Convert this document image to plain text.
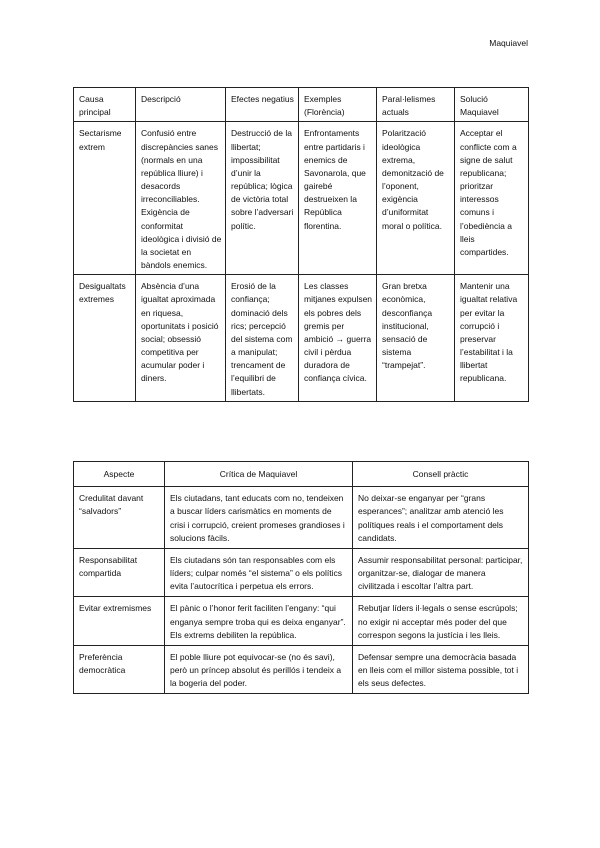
Maquiavel
Causa principal	Descripció	Efectes negatius	Exemples (Florència)	Paral·lelismes actuals	Solució Maquiavel
Sectarisme extrem	Confusió entre discrepàncies sanes (normals en una república lliure) i desacords irreconciliables. Exigència de conformitat ideològica i divisió de la societat en bàndols enemics.	Destrucció de la llibertat; impossibilitat d’unir la república; lògica de victòria total sobre l’adversari polític.	Enfrontaments entre partidaris i enemics de Savonarola, que gairebé destrueixen la República florentina.	Polarització ideològica extrema, demonització de l’oponent, exigència d’uniformitat moral o política.	Acceptar el conflicte com a signe de salut republicana; prioritzar interessos comuns i l’obediència a lleis compartides.
Desigualtats extremes	Absència d’una igualtat aproximada en riquesa, oportunitats i posició social; obsessió competitiva per acumular poder i diners.	Erosió de la confiança; dominació dels rics; percepció del sistema com a manipulat; trencament de l’equilibri de llibertats.	Les classes mitjanes expulsen els pobres dels gremis per ambició → guerra civil i pèrdua duradora de confiança cívica.	Gran bretxa econòmica, desconfiança institucional, sensació de sistema “trampejat”.	Mantenir una igualtat relativa per evitar la corrupció i preservar l’estabilitat i la llibertat republicana.
Aspecte	Crítica de Maquiavel	Consell pràctic
Credulitat davant “salvadors”	Els ciutadans, tant educats com no, tendeixen a buscar líders carismàtics en moments de crisi i corrupció, creient promeses grandioses i solucions fàcils.	No deixar-se enganyar per “grans esperances”; analitzar amb atenció les polítiques reals i el comportament dels candidats.
Responsabilitat compartida	Els ciutadans són tan responsables com els líders; culpar només “el sistema” o els polítics evita l’autocrítica i perpetua els errors.	Assumir responsabilitat personal: participar, organitzar-se, dialogar de manera civilitzada i escoltar l’altra part.
Evitar extremismes	El pànic o l’honor ferit faciliten l’engany: “qui enganya sempre troba qui es deixa enganyar”. Els extrems debiliten la república.	Rebutjar líders il·legals o sense escrúpols; no exigir ni acceptar més poder del que correspon segons la justícia i les lleis.
Preferència democràtica	El poble lliure pot equivocar-se (no és savi), però un príncep absolut és perillós i tendeix a la bogeria del poder.	Defensar sempre una democràcia basada en lleis com el millor sistema possible, tot i els seus defectes.
